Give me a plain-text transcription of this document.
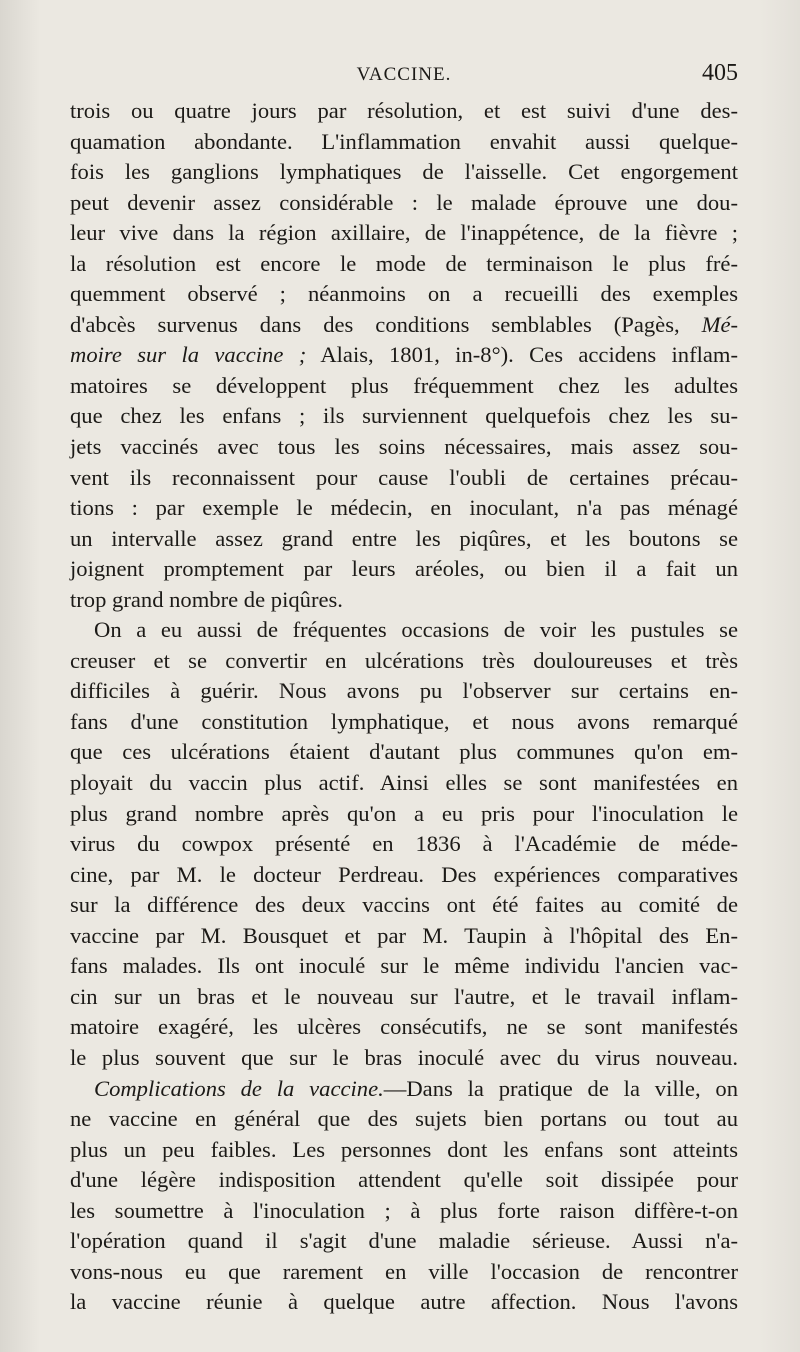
VACCINE.	405
trois ou quatre jours par résolution, et est suivi d'une des-
quamation abondante. L'inflammation envahit aussi quelque-
fois les ganglions lymphatiques de l'aisselle. Cet engorgement
peut devenir assez considérable : le malade éprouve une dou-
leur vive dans la région axillaire, de l'inappétence, de la fièvre ;
la résolution est encore le mode de terminaison le plus fré-
quemment observé ; néanmoins on a recueilli des exemples
d'abcès survenus dans des conditions semblables (Pagès, Mé-
moire sur la vaccine ; Alais, 1801, in-8°). Ces accidens inflam-
matoires se développent plus fréquemment chez les adultes
que chez les enfans ; ils surviennent quelquefois chez les su-
jets vaccinés avec tous les soins nécessaires, mais assez sou-
vent ils reconnaissent pour cause l'oubli de certaines précau-
tions : par exemple le médecin, en inoculant, n'a pas ménagé
un intervalle assez grand entre les piqûres, et les boutons se
joignent promptement par leurs aréoles, ou bien il a fait un
trop grand nombre de piqûres.
On a eu aussi de fréquentes occasions de voir les pustules se
creuser et se convertir en ulcérations très douloureuses et très
difficiles à guérir. Nous avons pu l'observer sur certains en-
fans d'une constitution lymphatique, et nous avons remarqué
que ces ulcérations étaient d'autant plus communes qu'on em-
ployait du vaccin plus actif. Ainsi elles se sont manifestées en
plus grand nombre après qu'on a eu pris pour l'inoculation le
virus du cowpox présenté en 1836 à l'Académie de méde-
cine, par M. le docteur Perdreau. Des expériences comparatives
sur la différence des deux vaccins ont été faites au comité de
vaccine par M. Bousquet et par M. Taupin à l'hôpital des En-
fans malades. Ils ont inoculé sur le même individu l'ancien vac-
cin sur un bras et le nouveau sur l'autre, et le travail inflam-
matoire exagéré, les ulcères consécutifs, ne se sont manifestés
le plus souvent que sur le bras inoculé avec du virus nouveau.
Complications de la vaccine.—Dans la pratique de la ville, on
ne vaccine en général que des sujets bien portans ou tout au
plus un peu faibles. Les personnes dont les enfans sont atteints
d'une légère indisposition attendent qu'elle soit dissipée pour
les soumettre à l'inoculation ; à plus forte raison diffère-t-on
l'opération quand il s'agit d'une maladie sérieuse. Aussi n'a-
vons-nous eu que rarement en ville l'occasion de rencontrer
la vaccine réunie à quelque autre affection. Nous l'avons
